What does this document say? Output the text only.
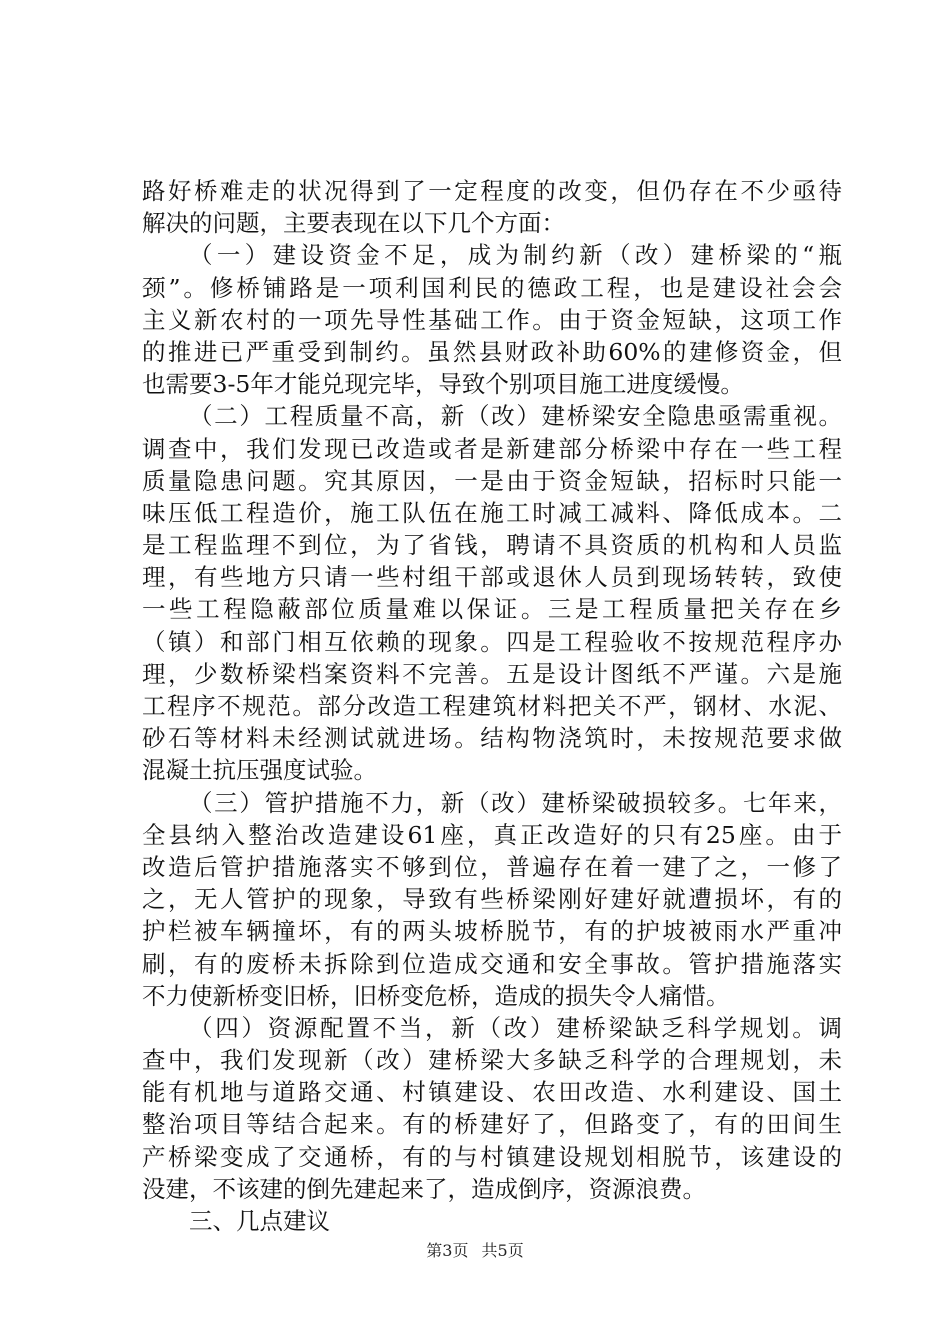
路好桥难走的状况得到了一定程度的改变，但仍存在不少亟待
解决的问题，主要表现在以下几个方面：
（一）建设资金不足，成为制约新（改）建桥梁的“瓶
颈”。修桥铺路是一项利国利民的德政工程，也是建设社会会
主义新农村的一项先导性基础工作。由于资金短缺，这项工作
的推进已严重受到制约。虽然县财政补助60%的建修资金，但
也需要3-5年才能兑现完毕，导致个别项目施工进度缓慢。
（二）工程质量不高，新（改）建桥梁安全隐患亟需重视。
调查中，我们发现已改造或者是新建部分桥梁中存在一些工程
质量隐患问题。究其原因，一是由于资金短缺，招标时只能一
味压低工程造价，施工队伍在施工时减工减料、降低成本。二
是工程监理不到位，为了省钱，聘请不具资质的机构和人员监
理，有些地方只请一些村组干部或退休人员到现场转转，致使
一些工程隐蔽部位质量难以保证。三是工程质量把关存在乡
（镇）和部门相互依赖的现象。四是工程验收不按规范程序办
理，少数桥梁档案资料不完善。五是设计图纸不严谨。六是施
工程序不规范。部分改造工程建筑材料把关不严，钢材、水泥、
砂石等材料未经测试就进场。结构物浇筑时，未按规范要求做
混凝土抗压强度试验。
（三）管护措施不力，新（改）建桥梁破损较多。七年来，
全县纳入整治改造建设61座，真正改造好的只有25座。由于
改造后管护措施落实不够到位，普遍存在着一建了之，一修了
之，无人管护的现象，导致有些桥梁刚好建好就遭损坏，有的
护栏被车辆撞坏，有的两头坡桥脱节，有的护坡被雨水严重冲
刷，有的废桥未拆除到位造成交通和安全事故。管护措施落实
不力使新桥变旧桥，旧桥变危桥，造成的损失令人痛惜。
（四）资源配置不当，新（改）建桥梁缺乏科学规划。调
查中，我们发现新（改）建桥梁大多缺乏科学的合理规划，未
能有机地与道路交通、村镇建设、农田改造、水利建设、国土
整治项目等结合起来。有的桥建好了，但路变了，有的田间生
产桥梁变成了交通桥，有的与村镇建设规划相脱节，该建设的
没建，不该建的倒先建起来了，造成倒序，资源浪费。
三、几点建议
第3页 共5页
